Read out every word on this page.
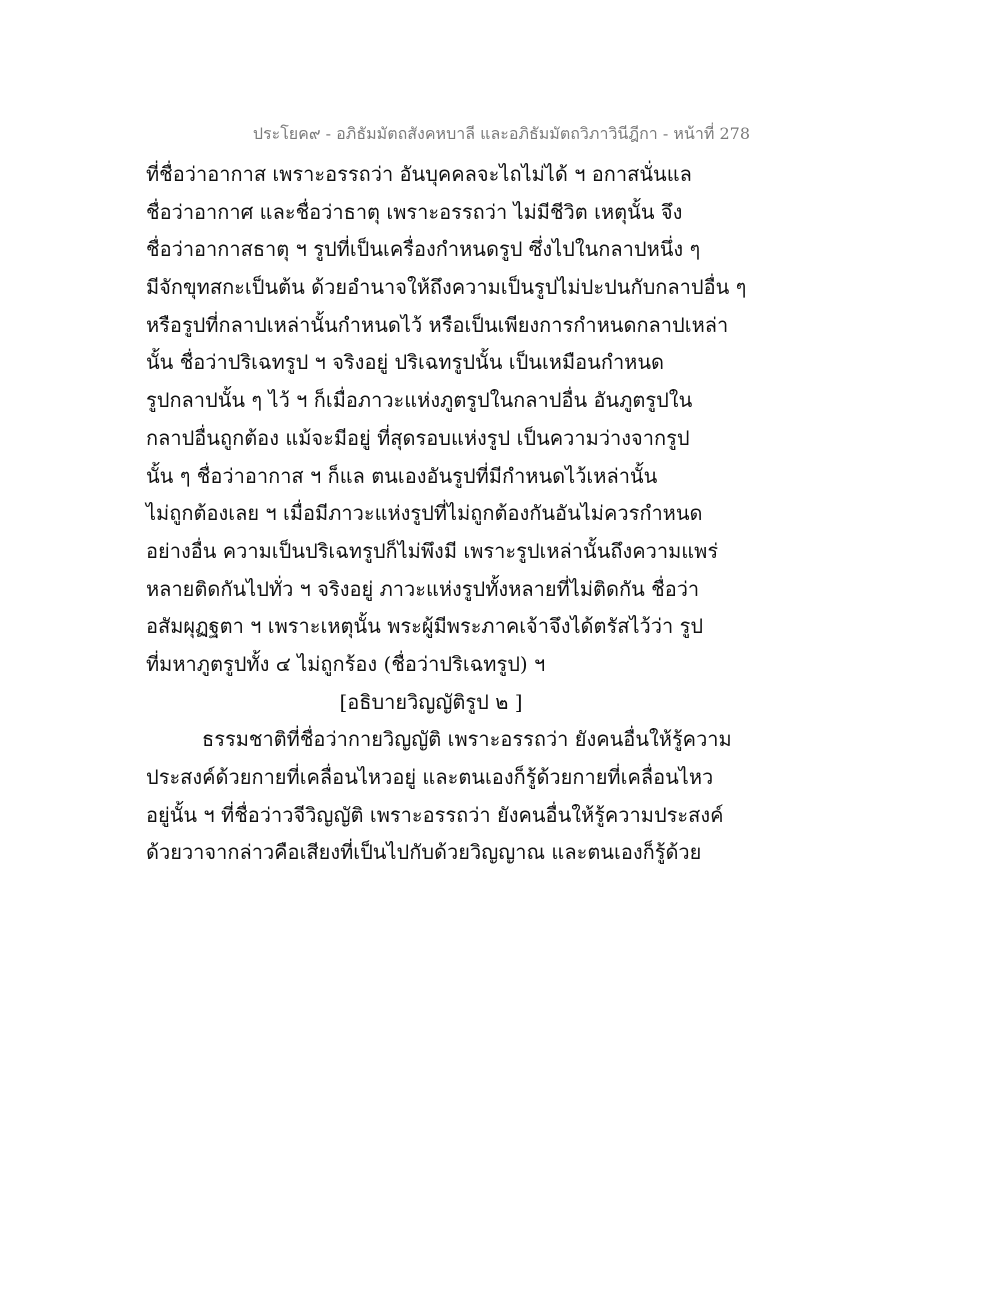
ประโยค๙ - อภิธัมมัตถสังคหบาลี และอภิธัมมัตถวิภาวินีฎีกา - หน้าที่ 278
ที่ชื่อว่าอากาส เพราะอรรถว่า อันบุคคลจะไถไม่ได้ ฯ อกาสนั่นแล
ชื่อว่าอากาศ และชื่อว่าธาตุ เพราะอรรถว่า ไม่มีชีวิต เหตุนั้น จึง
ชื่อว่าอากาสธาตุ ฯ รูปที่เป็นเครื่องกำหนดรูป ซึ่งไปในกลาปหนึ่ง ๆ
มีจักขุทสกะเป็นต้น ด้วยอำนาจให้ถึงความเป็นรูปไม่ปะปนกับกลาปอื่น ๆ
หรือรูปที่กลาปเหล่านั้นกำหนดไว้ หรือเป็นเพียงการกำหนดกลาปเหล่า
นั้น ชื่อว่าปริเฉทรูป ฯ จริงอยู่ ปริเฉทรูปนั้น เป็นเหมือนกำหนด
รูปกลาปนั้น ๆ ไว้ ฯ ก็เมื่อภาวะแห่งภูตรูปในกลาปอื่น อันภูตรูปใน
กลาปอื่นถูกต้อง แม้จะมีอยู่ ที่สุดรอบแห่งรูป เป็นความว่างจากรูป
นั้น ๆ ชื่อว่าอากาส ฯ ก็แล ตนเองอันรูปที่มีกำหนดไว้เหล่านั้น
ไม่ถูกต้องเลย ฯ เมื่อมีภาวะแห่งรูปที่ไม่ถูกต้องกันอันไม่ควรกำหนด
อย่างอื่น ความเป็นปริเฉทรูปก็ไม่พึงมี เพราะรูปเหล่านั้นถึงความแพร่
หลายติดกันไปทั่ว ฯ จริงอยู่ ภาวะแห่งรูปทั้งหลายที่ไม่ติดกัน ชื่อว่า
อสัมผุฏฐตา ฯ เพราะเหตุนั้น พระผู้มีพระภาคเจ้าจึงได้ตรัสไว้ว่า รูป
ที่มหาภูตรูปทั้ง ๔ ไม่ถูกร้อง (ชื่อว่าปริเฉทรูป) ฯ
[อธิบายวิญญัติรูป ๒ ]
ธรรมชาติที่ชื่อว่ากายวิญญัติ เพราะอรรถว่า ยังคนอื่นให้รู้ความ
ประสงค์ด้วยกายที่เคลื่อนไหวอยู่ และตนเองก็รู้ด้วยกายที่เคลื่อนไหว
อยู่นั้น ฯ ที่ชื่อว่าวจีวิญญัติ เพราะอรรถว่า ยังคนอื่นให้รู้ความประสงค์
ด้วยวาจากล่าวคือเสียงที่เป็นไปกับด้วยวิญญาณ และตนเองก็รู้ด้วย
